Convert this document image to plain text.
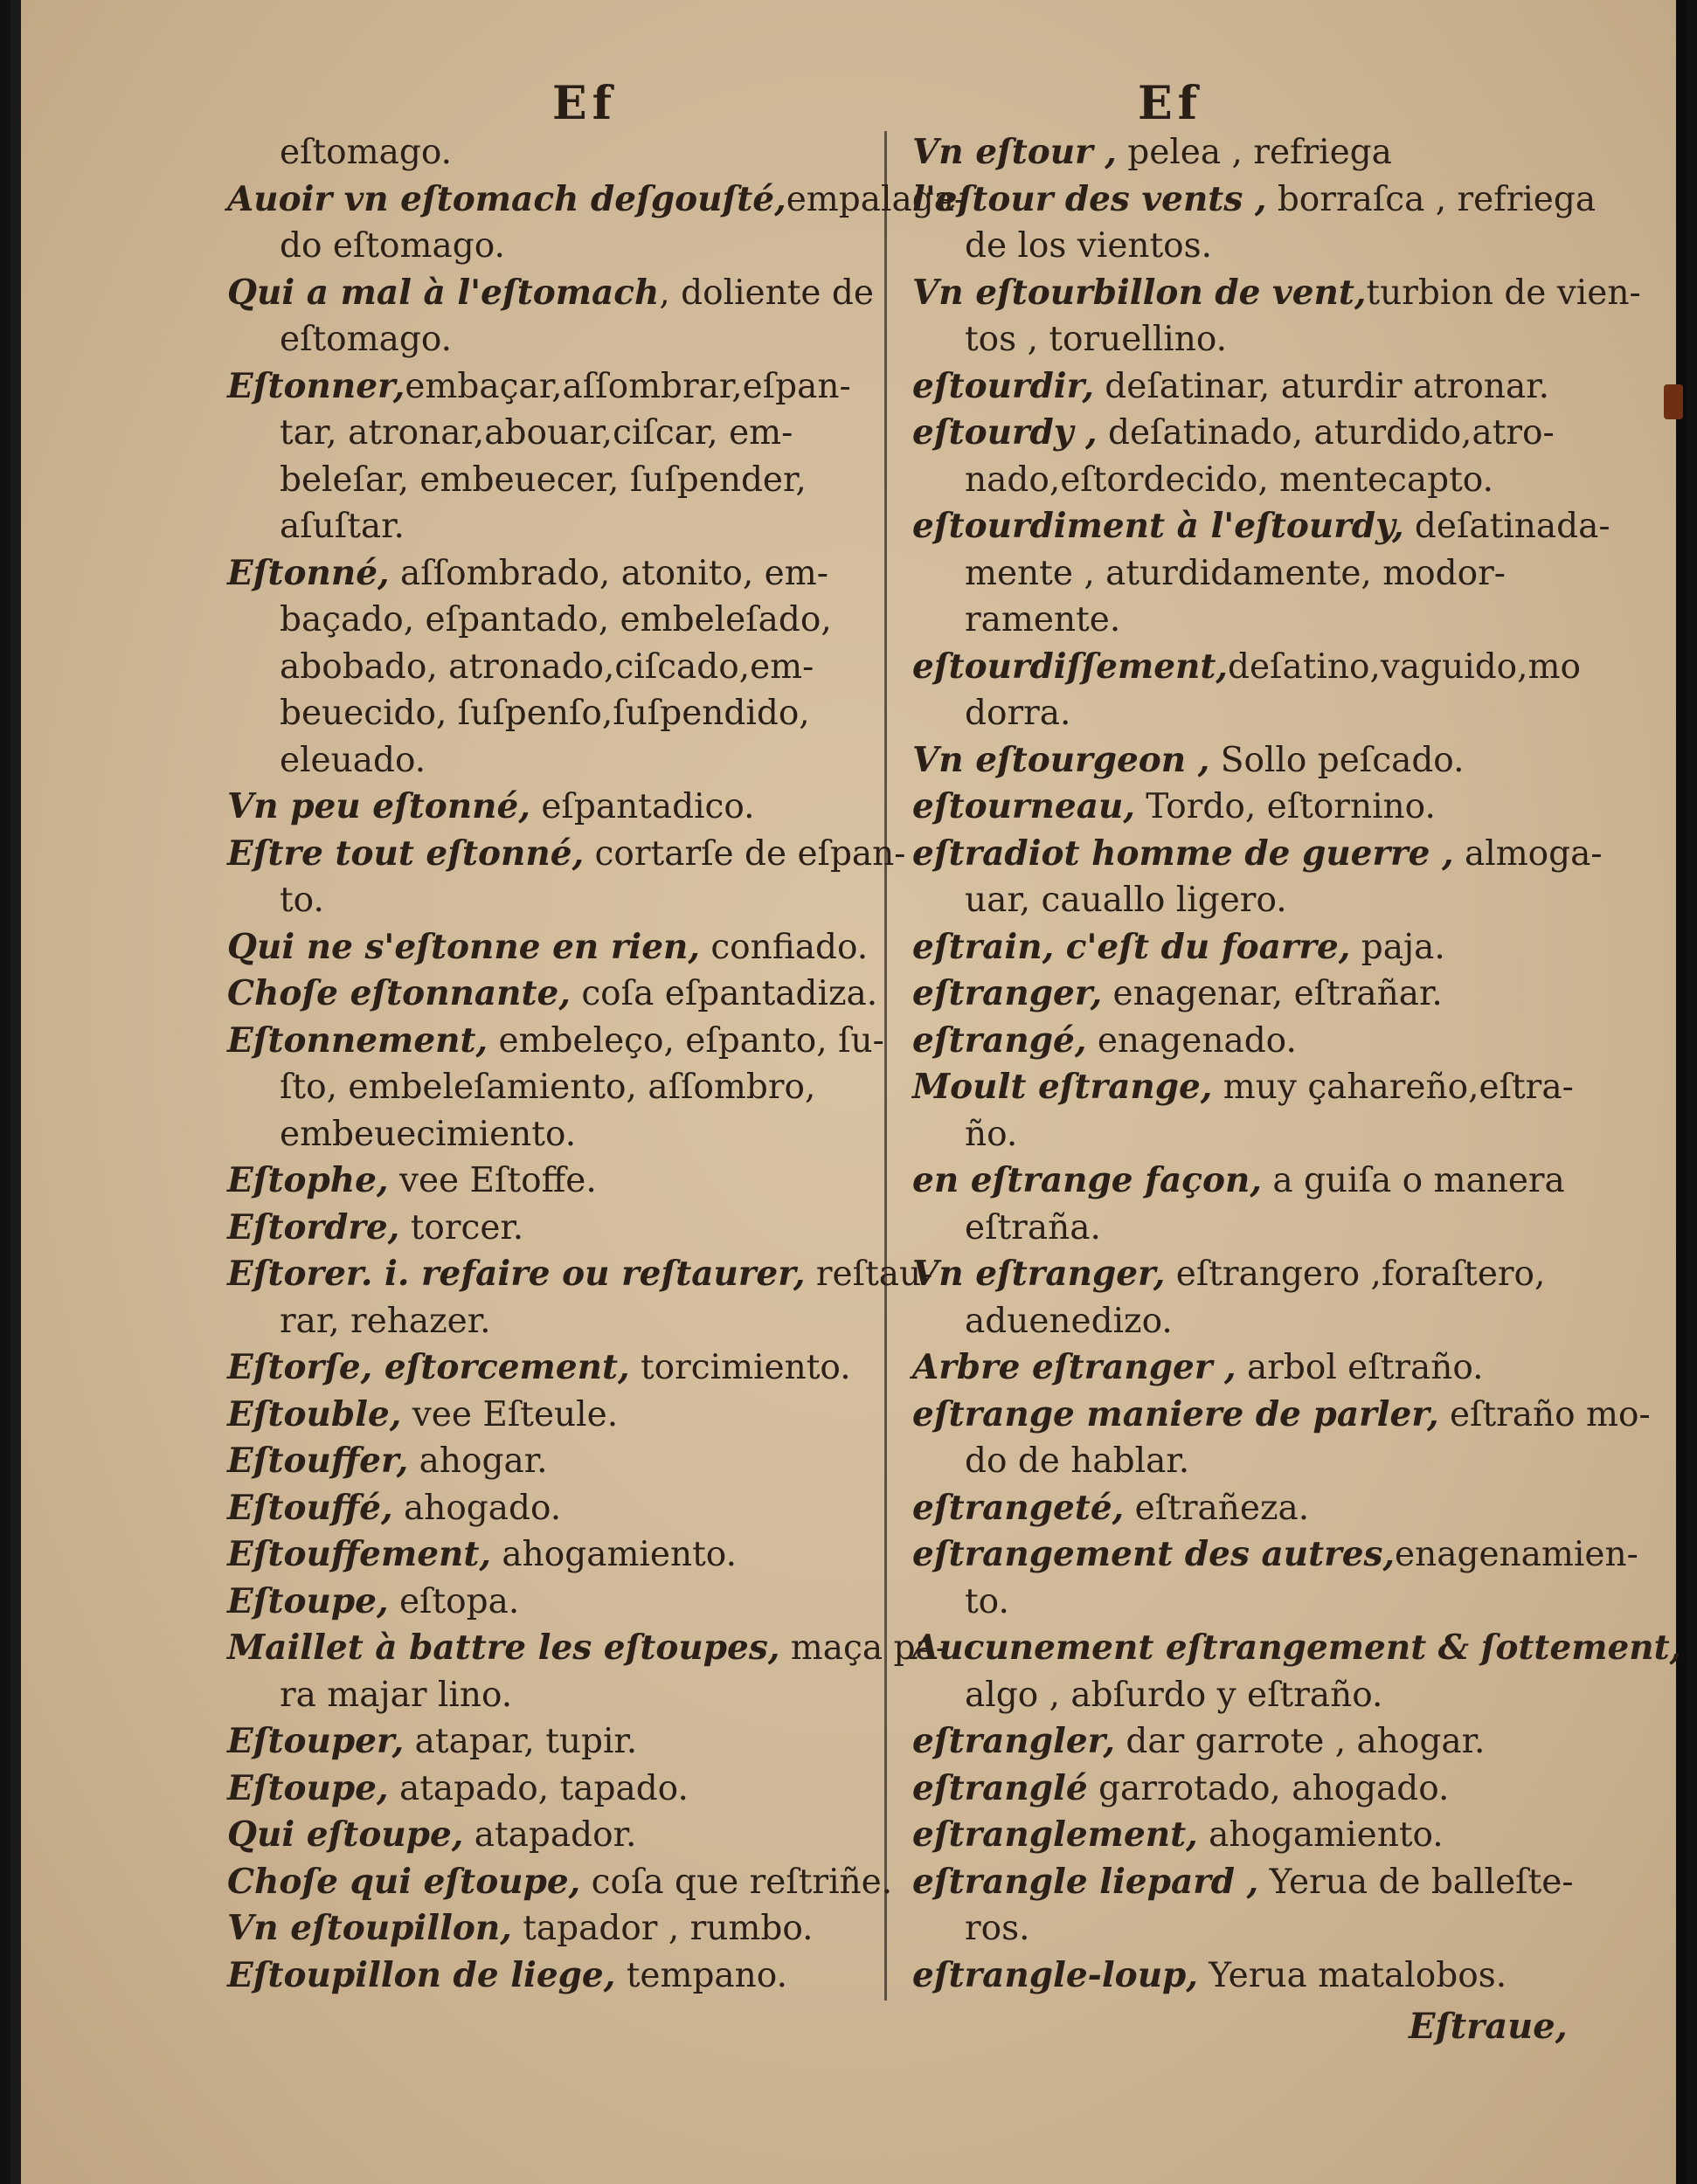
Ef	Ef
eſtomago.
Auoir vn eſtomach deſgouſté,empalaga-
do eſtomago.
Qui a mal à l'eſtomach, doliente de
eſtomago.
Eſtonner,embaçar,aſſombrar,eſpan-
tar, atronar,abouar,ciſcar, em-
beleſar, embeuecer, ſuſpender,
aſuſtar.
Eſtonné, aſſombrado, atonito, em-
baçado, eſpantado, embeleſado,
abobado, atronado,ciſcado,em-
beuecido, ſuſpenſo,ſuſpendido,
eleuado.
Vn peu eſtonné, eſpantadico.
Eſtre tout eſtonné, cortarſe de eſpan-
to.
Qui ne s'eſtonne en rien, confiado.
Choſe eſtonnante, coſa eſpantadiza.
Eſtonnement, embeleço, eſpanto, ſu-
ſto, embeleſamiento, aſſombro,
embeuecimiento.
Eſtophe, vee Eſtoffe.
Eſtordre, torcer.
Eſtorer. i. refaire ou reſtaurer, reſtau-
rar, rehazer.
Eſtorſe, eſtorcement, torcimiento.
Eſtouble, vee Eſteule.
Eſtouffer, ahogar.
Eſtouffé, ahogado.
Eſtouffement, ahogamiento.
Eſtoupe, eſtopa.
Maillet à battre les eſtoupes, maça pa-
ra majar lino.
Eſtouper, atapar, tupir.
Eſtoupe, atapado, tapado.
Qui eſtoupe, atapador.
Choſe qui eſtoupe, coſa que reſtriñe.
Vn eſtoupillon, tapador , rumbo.
Eſtoupillon de liege, tempano.
Vn eſtour , pelea , refriega
l'eſtour des vents , borraſca , refriega
de los vientos.
Vn eſtourbillon de vent,turbion de vien-
tos , toruellino.
eſtourdir, deſatinar, aturdir atronar.
eſtourdy , deſatinado, aturdido,atro-
nado,eſtordecido, mentecapto.
eſtourdiment à l'eſtourdy, deſatinada-
mente , aturdidamente, modor-
ramente.
eſtourdiſſement,deſatino,vaguido,mo
dorra.
Vn eſtourgeon , Sollo peſcado.
eſtourneau, Tordo, eſtornino.
eſtradiot homme de guerre , almoga-
uar, cauallo ligero.
eſtrain, c'eſt du foarre, paja.
eſtranger, enagenar, eſtrañar.
eſtrangé, enagenado.
Moult eſtrange, muy çahareño,eſtra-
ño.
en eſtrange façon, a guiſa o manera
eſtraña.
Vn eſtranger, eſtrangero ,foraſtero,
aduenedizo.
Arbre eſtranger , arbol eſtraño.
eſtrange maniere de parler, eſtraño mo-
do de hablar.
eſtrangeté, eſtrañeza.
eſtrangement des autres,enagenamien-
to.
Aucunement eſtrangement & ſottement,
algo , abſurdo y eſtraño.
eſtrangler, dar garrote , ahogar.
eſtranglé garrotado, ahogado.
eſtranglement, ahogamiento.
eſtrangle liepard , Yerua de balleſte-
ros.
eſtrangle-loup, Yerua matalobos.
Eſtraue,
